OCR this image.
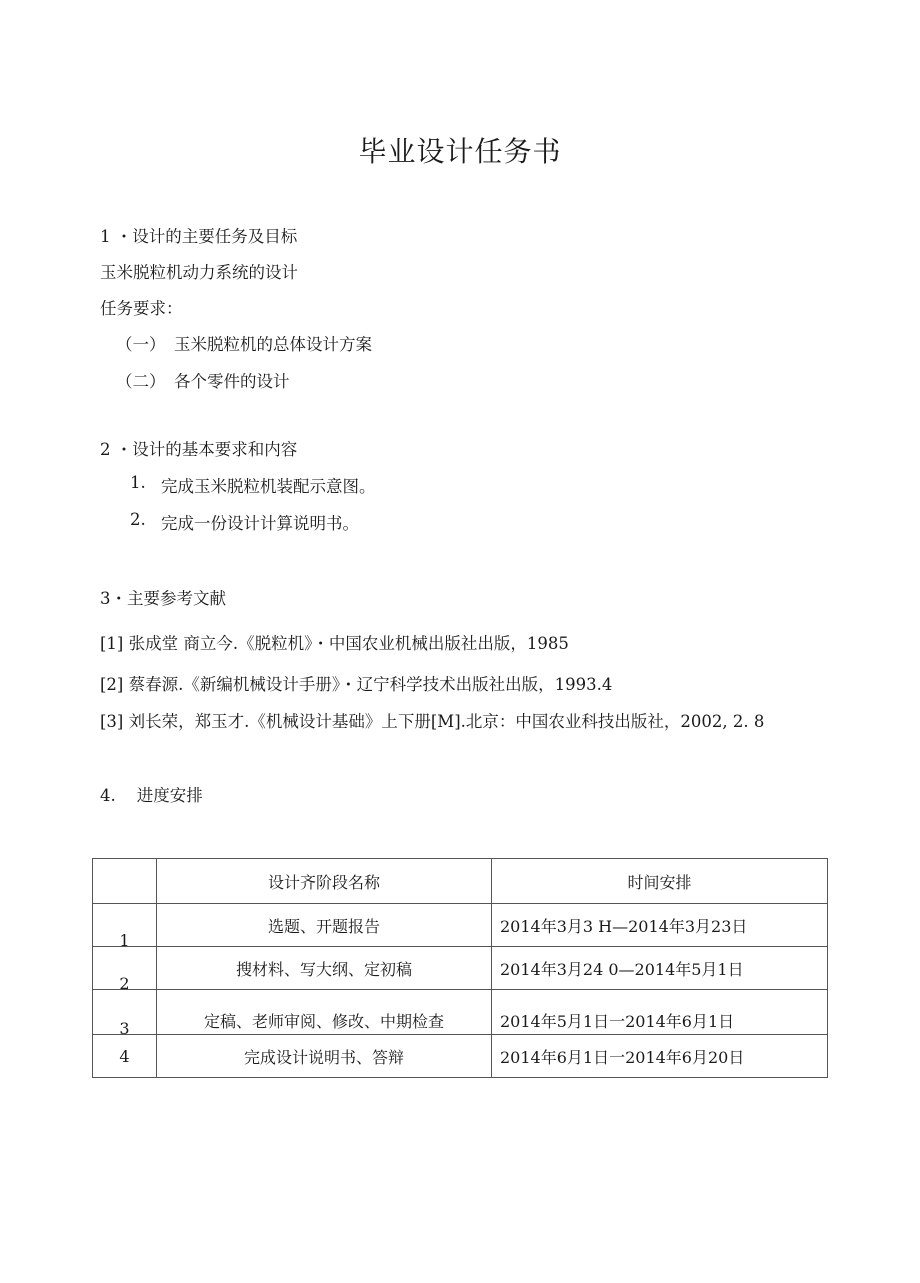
毕业设计任务书
1 ・设计的主要任务及目标
玉米脱粒机动力系统的设计
任务要求：
（一） 玉米脱粒机的总体设计方案
（二） 各个零件的设计
2 ・设计的基本要求和内容
1. 完成玉米脱粒机装配示意图。
2. 完成一份设计计算说明书。
3・主要参考文献
[1] 张成堂 商立今.《脱粒机》・中国农业机械出版社出版，1985
[2] 蔡春源.《新编机械设计手册》・辽宁科学技术出版社出版，1993.4
[3] 刘长荣，郑玉才.《机械设计基础》上下册[M].北京：中国农业科技出版社，2002, 2. 8
4.    进度安排
	设计齐阶段名称	时间安排
1	选题、开题报告	2014年3月3 H—2014年3月23日
2	搜材料、写大纲、定初稿	2014年3月24 0—2014年5月1日
3	定稿、老师审阅、修改、中期检查	2014年5月1日一2014年6月1日
4	完成设计说明书、答辩	2014年6月1日一2014年6月20日
